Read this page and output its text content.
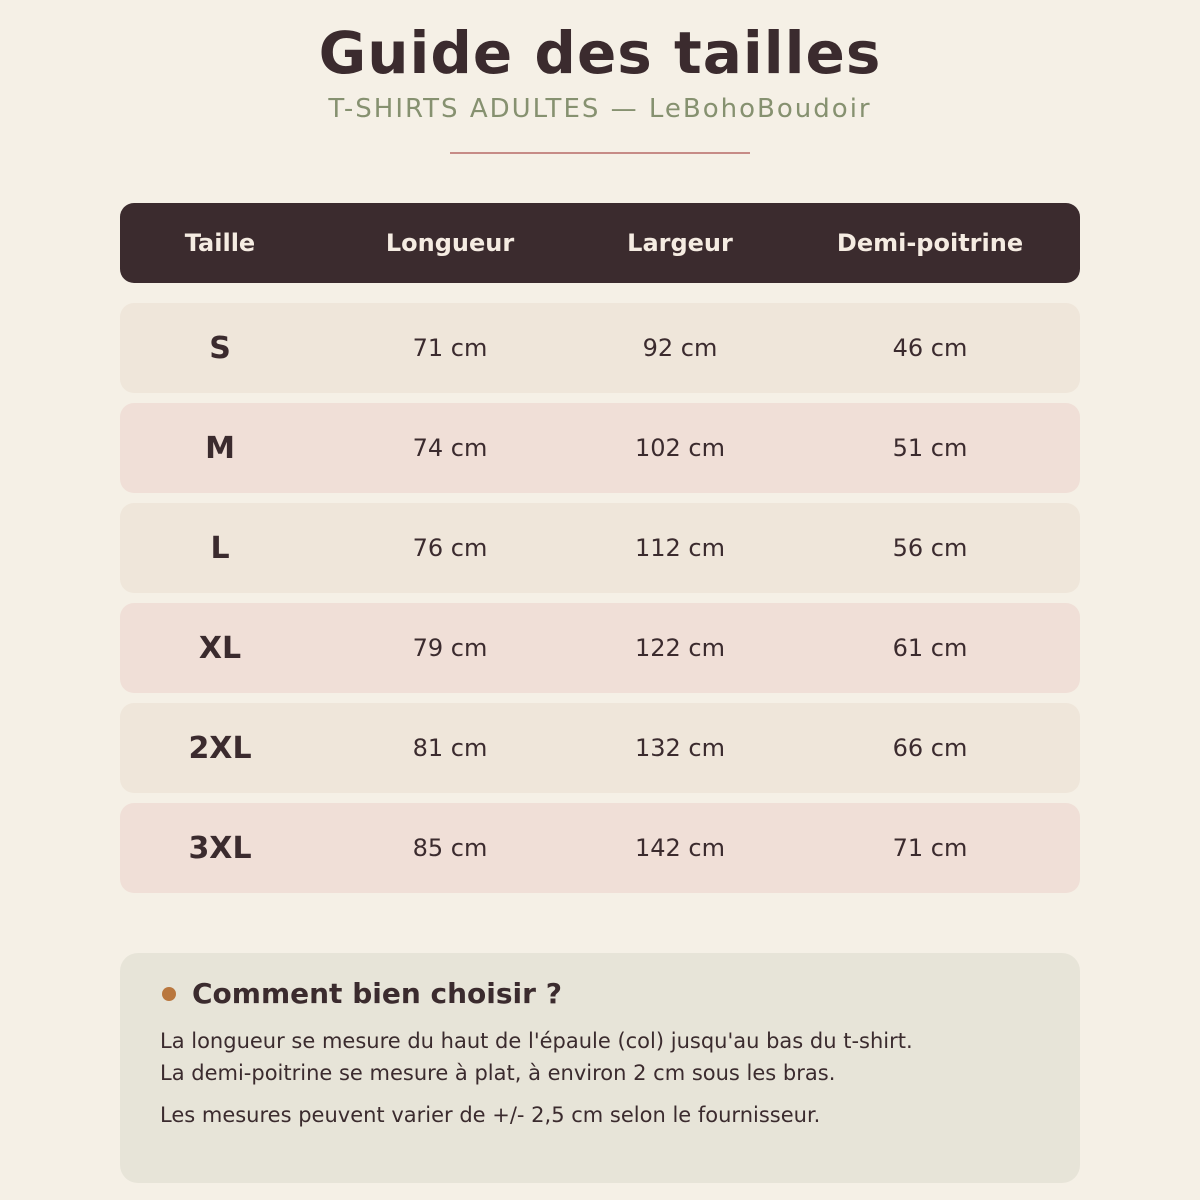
Guide des tailles
T-SHIRTS ADULTES — LeBohoBoudoir
Taille	Longueur	Largeur	Demi-poitrine
S	71 cm	92 cm	46 cm
M	74 cm	102 cm	51 cm
L	76 cm	112 cm	56 cm
XL	79 cm	122 cm	61 cm
2XL	81 cm	132 cm	66 cm
3XL	85 cm	142 cm	71 cm
Comment bien choisir ?
La longueur se mesure du haut de l'épaule (col) jusqu'au bas du t-shirt.
La demi-poitrine se mesure à plat, à environ 2 cm sous les bras.
Les mesures peuvent varier de +/- 2,5 cm selon le fournisseur.
